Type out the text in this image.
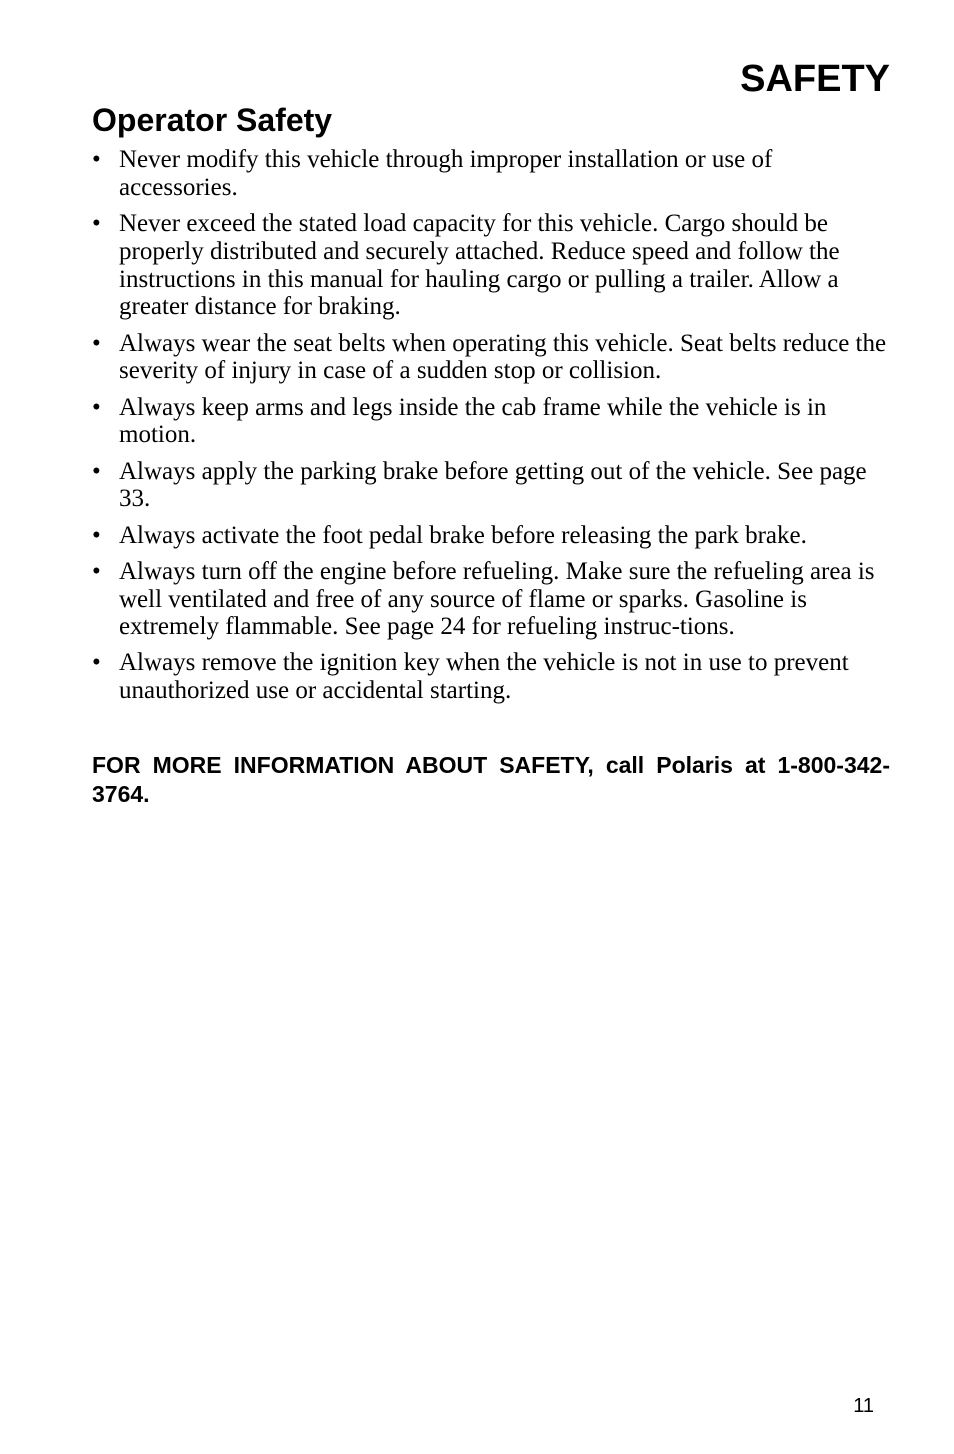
SAFETY
Operator Safety
• Never modify this vehicle through improper installation or use of accessories.
• Never exceed the stated load capacity for this vehicle. Cargo should be properly distributed and securely attached. Reduce speed and follow the instructions in this manual for hauling cargo or pulling a trailer. Allow a greater distance for braking.
• Always wear the seat belts when operating this vehicle. Seat belts reduce the severity of injury in case of a sudden stop or collision.
• Always keep arms and legs inside the cab frame while the vehicle is in motion.
• Always apply the parking brake before getting out of the vehicle. See page 33.
• Always activate the foot pedal brake before releasing the park brake.
• Always turn off the engine before refueling. Make sure the refueling area is well ventilated and free of any source of flame or sparks. Gasoline is extremely flammable. See page 24 for refueling instruc-tions.
• Always remove the ignition key when the vehicle is not in use to prevent unauthorized use or accidental starting.

FOR MORE INFORMATION ABOUT SAFETY, call Polaris at 1-800-342-3764.

11
